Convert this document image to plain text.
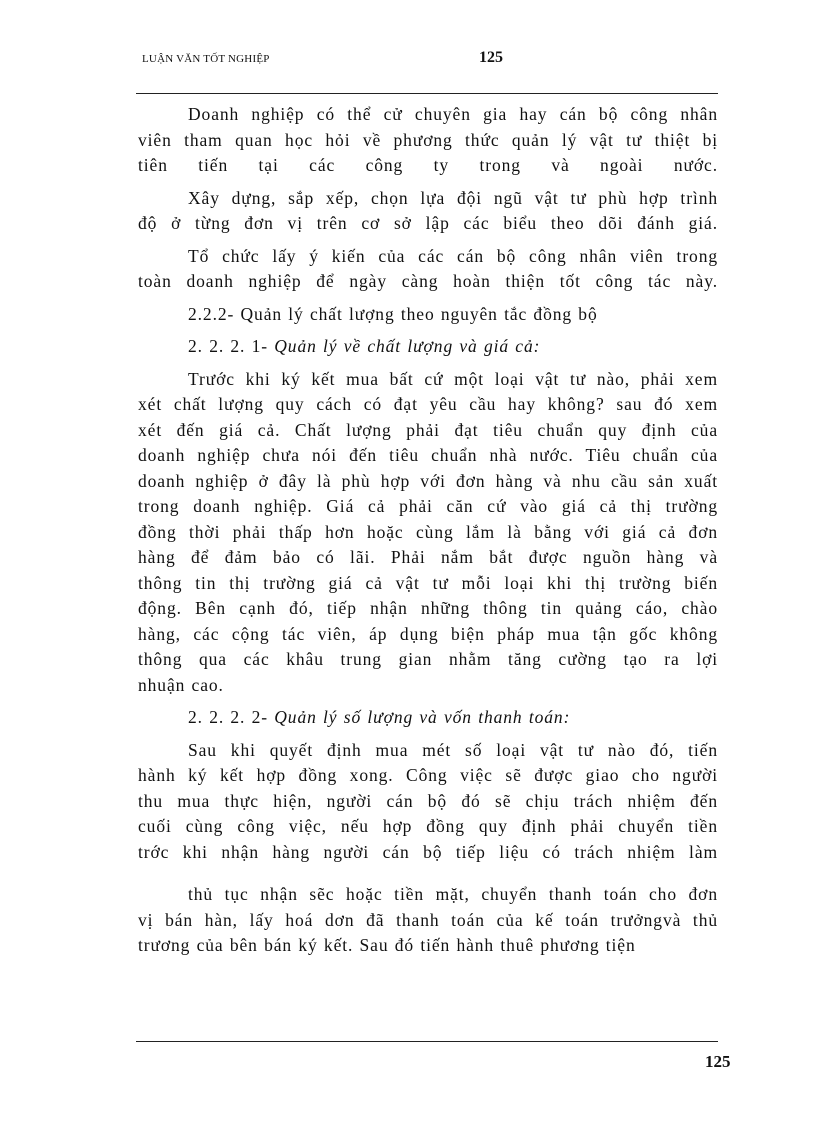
LUẬN VĂN TỐT NGHIỆP	125

Doanh nghiệp có thể cử chuyên gia hay cán bộ công nhân
viên tham quan học hỏi về phương thức quản lý vật tư thiệt bị
tiên tiến tại các công ty trong và ngoài nước.

Xây dựng, sắp xếp, chọn lựa đội ngũ vật tư phù hợp trình
độ ở từng đơn vị trên cơ sở lập các biểu theo dõi đánh giá.

Tổ chức lấy ý kiến của các cán bộ công nhân viên trong
toàn doanh nghiệp để ngày càng hoàn thiện tốt công tác này.

2.2.2- Quản lý chất lượng theo nguyên tắc đồng bộ

2. 2. 2. 1- Quản lý về chất lượng và giá cả:

Trước khi ký kết mua bất cứ một loại vật tư nào, phải xem
xét chất lượng quy cách có đạt yêu cầu hay không? sau đó xem
xét đến giá cả. Chất lượng phải đạt tiêu chuẩn quy định của
doanh nghiệp chưa nói đến tiêu chuẩn nhà nước. Tiêu chuẩn của
doanh nghiệp ở đây là phù hợp với đơn hàng và nhu cầu sản xuất
trong doanh nghiệp. Giá cả phải căn cứ vào giá cả thị trường
đồng thời phải thấp hơn hoặc cùng lắm là bằng với giá cả đơn
hàng để đảm bảo có lãi. Phải nắm bắt được nguồn hàng và
thông tin thị trường giá cả vật tư mỗi loại khi thị trường biến
động. Bên cạnh đó, tiếp nhận những thông tin quảng cáo, chào
hàng, các cộng tác viên, áp dụng biện pháp mua tận gốc không
thông qua các khâu trung gian nhằm tăng cường tạo ra lợi
nhuận cao.

2. 2. 2. 2- Quản lý số lượng và vốn thanh toán:

Sau khi quyết định mua mét số loại vật tư nào đó, tiến
hành ký kết hợp đồng xong. Công việc sẽ được giao cho người
thu mua thực hiện, người cán bộ đó sẽ chịu trách nhiệm đến
cuối cùng công việc, nếu hợp đồng quy định phải chuyển tiền
trớc khi nhận hàng người cán bộ tiếp liệu có trách nhiệm làm

thủ tục nhận sẽc hoặc tiền mặt, chuyển thanh toán cho đơn
vị bán hàn, lấy hoá dơn đã thanh toán của kế toán trưởngvà thủ
trương của bên bán ký kết. Sau đó tiến hành thuê phương tiện

125
